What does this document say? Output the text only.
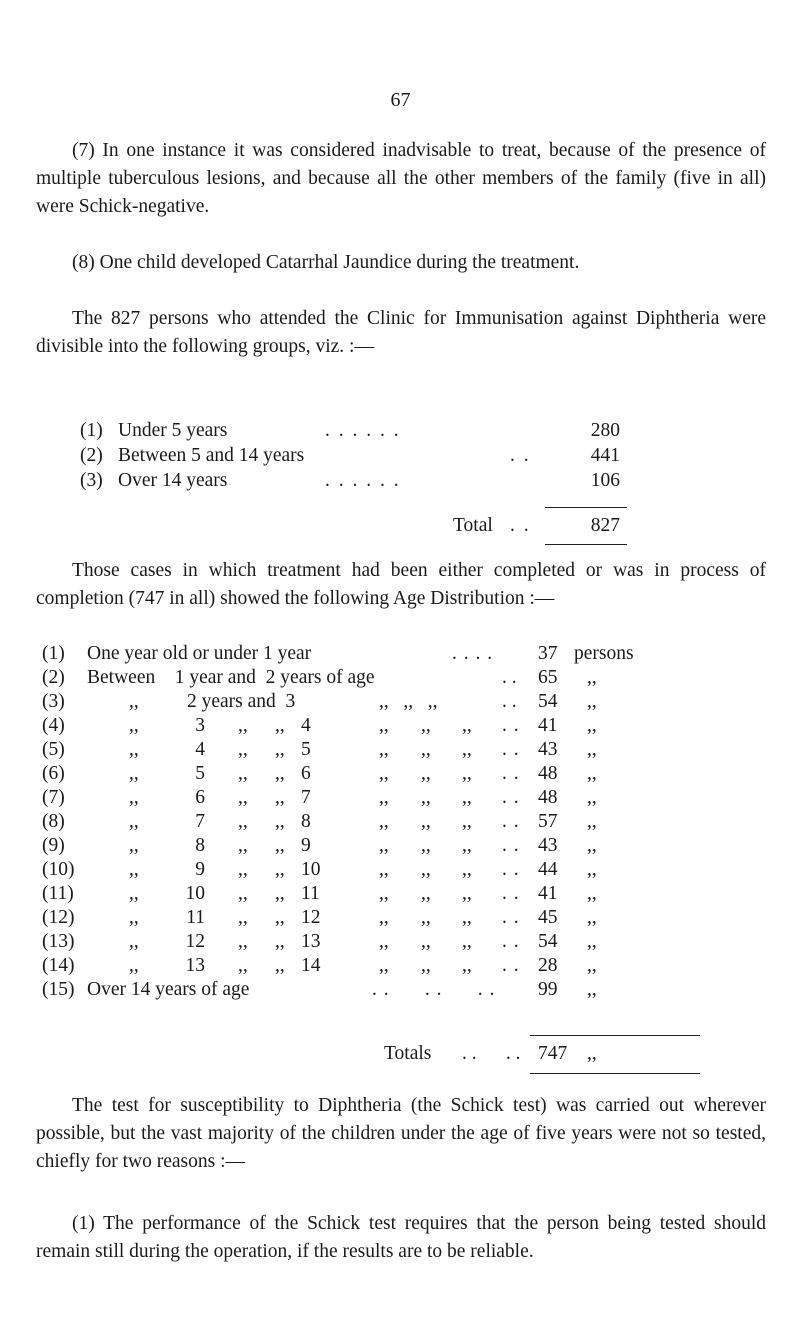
67

(7) In one instance it was considered inadvisable to treat, because of the presence of multiple tuberculous lesions, and because all the other members of the family (five in all) were Schick-negative.

(8) One child developed Catarrhal Jaundice during the treatment.

The 827 persons who attended the Clinic for Immunisation against Diphtheria were divisible into the following groups, viz. :—

(1) Under 5 years	. . . . . .	280
(2) Between 5 and 14 years	. .	441
(3) Over 14 years	. . . . . .	106
Total . .	827

Those cases in which treatment had been either completed or was in process of completion (747 in all) showed the following Age Distribution :—

(1) One year old or under 1 year	. . . . 37 persons
(2) Between    1 year and  2 years of age	. . 65 ,,
(3)	,, 2 years and  3	,,   ,,   ,,	. . 54 ,,
(4)	,,	3 ,, ,, 4	,, ,, ,, . . 41 ,,
(5)	,,	4 ,, ,, 5	,, ,, ,, . . 43 ,,
(6)	,,	5 ,, ,, 6	,, ,, ,, . . 48 ,,
(7)	,,	6 ,, ,, 7	,, ,, ,, . . 48 ,,
(8)	,,	7 ,, ,, 8	,, ,, ,, . . 57 ,,
(9)	,,	8 ,, ,, 9	,, ,, ,, . . 43 ,,
(10)	,,	9 ,, ,, 10	,, ,, ,, . . 44 ,,
(11)	,,	10 ,, ,, 11	,, ,, ,, . . 41 ,,
(12)	,,	11 ,, ,, 12	,, ,, ,, . . 45 ,,
(13)	,,	12 ,, ,, 13	,, ,, ,, . . 54 ,,
(14)	,,	13 ,, ,, 14	,, ,, ,, . . 28 ,,
(15) Over 14 years of age	. .      . .      . . 99 ,,
Totals . .      . . 747 ,,

The test for susceptibility to Diphtheria (the Schick test) was carried out wherever possible, but the vast majority of the children under the age of five years were not so tested, chiefly for two reasons :—

(1) The performance of the Schick test requires that the person being tested should remain still during the operation, if the results are to be reliable.
